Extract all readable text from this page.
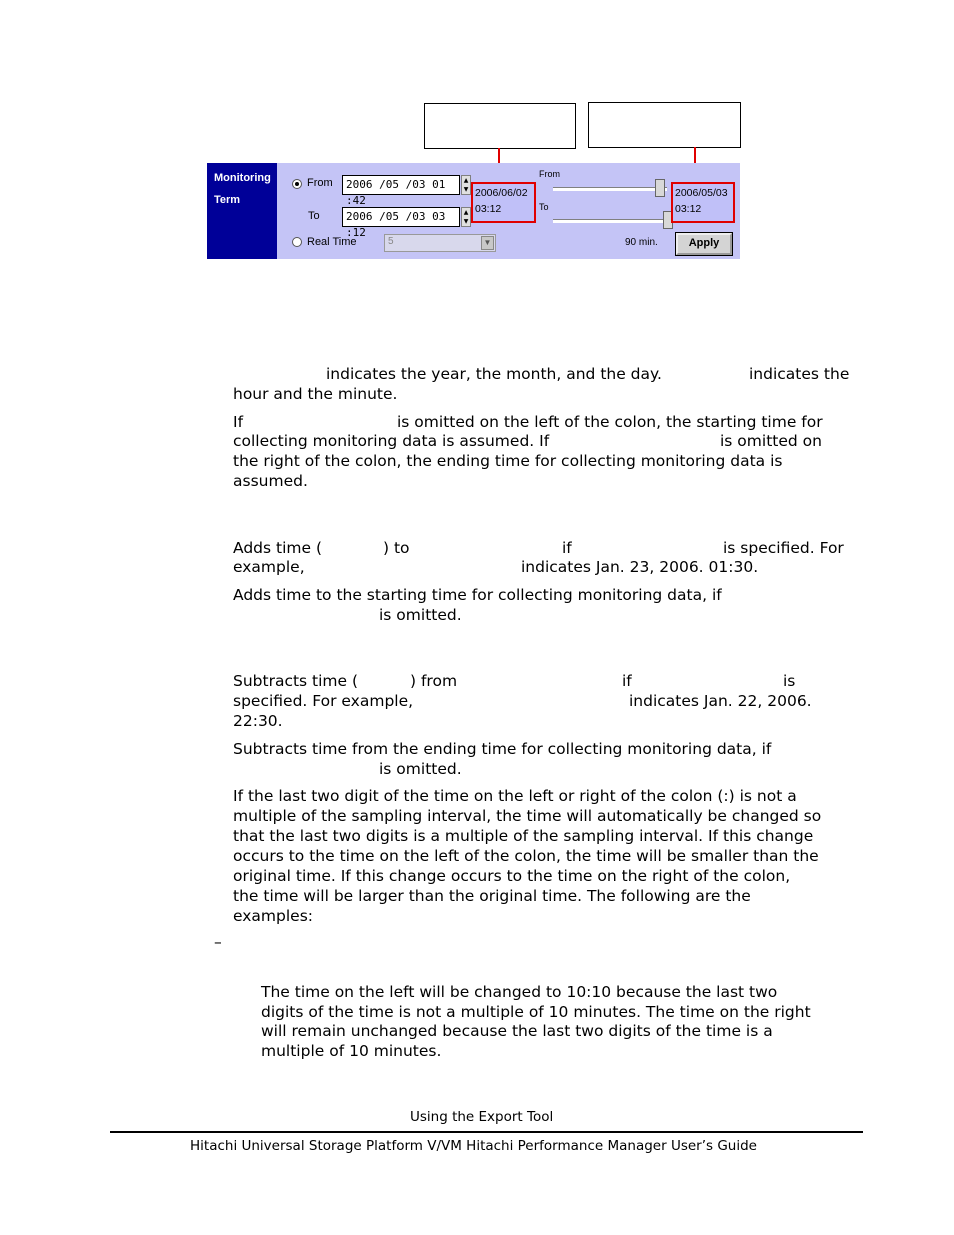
Monitoring
Term
From	2006 /05 /03 01 :42
▲
▼
To	2006 /05 /03 03 :12
▲
▼
Real Time	5	▼
2006/06/02
03:12
From
To
2006/05/03
03:12
90 min.	Apply
indicates the year, the month, and the day.	indicates the
hour and the minute.
If	is omitted on the left of the colon, the starting time for
collecting monitoring data is assumed. If	is omitted on
the right of the colon, the ending time for collecting monitoring data is
assumed.
Adds time (	) to	if	is specified. For
example,	indicates Jan. 23, 2006. 01:30.
Adds time to the starting time for collecting monitoring data, if
is omitted.
Subtracts time (	) from	if	is
specified. For example,	indicates Jan. 22, 2006.
22:30.
Subtracts time from the ending time for collecting monitoring data, if
is omitted.
If the last two digit of the time on the left or right of the colon (:) is not a
multiple of the sampling interval, the time will automatically be changed so
that the last two digits is a multiple of the sampling interval. If this change
occurs to the time on the left of the colon, the time will be smaller than the
original time. If this change occurs to the time on the right of the colon,
the time will be larger than the original time. The following are the
examples:
–
The time on the left will be changed to 10:10 because the last two
digits of the time is not a multiple of 10 minutes. The time on the right
will remain unchanged because the last two digits of the time is a
multiple of 10 minutes.
Using the Export Tool
Hitachi Universal Storage Platform V/VM Hitachi Performance Manager User’s Guide
